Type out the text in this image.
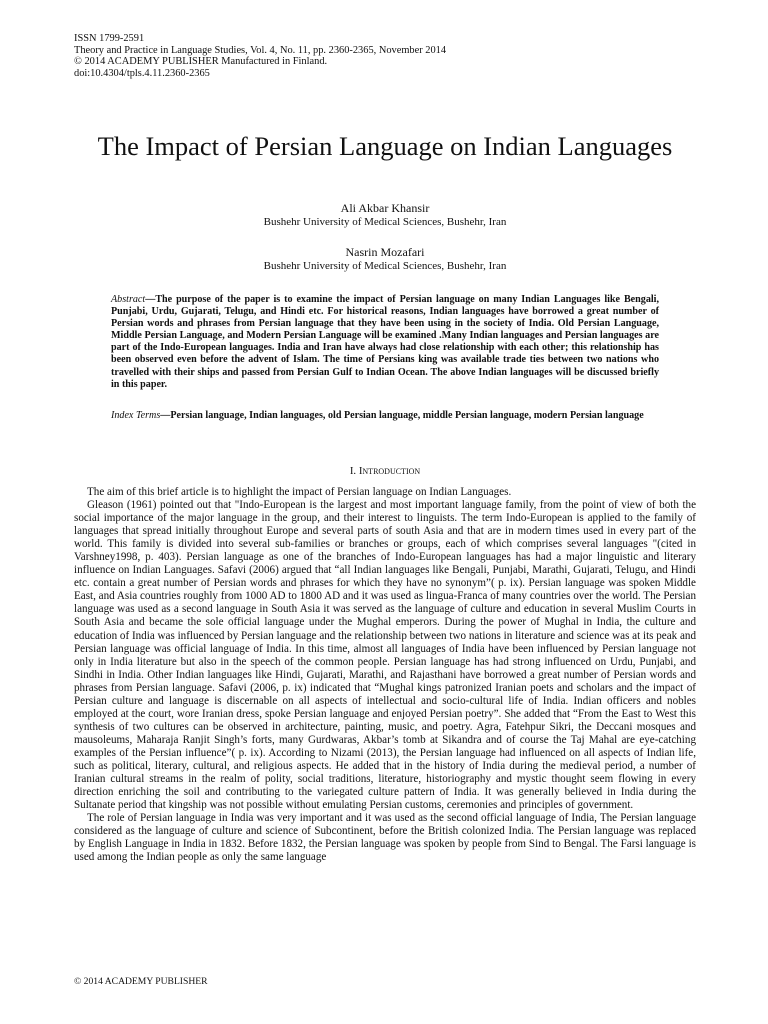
ISSN 1799-2591
Theory and Practice in Language Studies, Vol. 4, No. 11, pp. 2360-2365, November 2014
© 2014 ACADEMY PUBLISHER Manufactured in Finland.
doi:10.4304/tpls.4.11.2360-2365
The Impact of Persian Language on Indian Languages
Ali Akbar Khansir
Bushehr University of Medical Sciences, Bushehr, Iran
Nasrin Mozafari
Bushehr University of Medical Sciences, Bushehr, Iran

Abstract—The purpose of the paper is to examine the impact of Persian language on many Indian Languages like Bengali, Punjabi, Urdu, Gujarati, Telugu, and Hindi etc. For historical reasons, Indian languages have borrowed a great number of Persian words and phrases from Persian language that they have been using in the society of India. Old Persian Language, Middle Persian Language, and Modern Persian Language will be examined .Many Indian languages and Persian languages are part of the Indo-European languages. India and Iran have always had close relationship with each other; this relationship has been observed even before the advent of Islam. The time of Persians king was available trade ties between two nations who travelled with their ships and passed from Persian Gulf to Indian Ocean. The above Indian languages will be discussed briefly in this paper.

Index Terms—Persian language, Indian languages, old Persian language, middle Persian language, modern Persian language

I. Introduction

The aim of this brief article is to highlight the impact of Persian language on Indian Languages.

Gleason (1961) pointed out that "Indo-European is the largest and most important language family, from the point of view of both the social importance of the major language in the group, and their interest to linguists. The term Indo-European is applied to the family of languages that spread initially throughout Europe and several parts of south Asia and that are in modern times used in every part of the world. This family is divided into several sub-families or branches or groups, each of which comprises several languages "(cited in Varshney1998, p. 403). Persian language as one of the branches of Indo-European languages has had a major linguistic and literary influence on Indian Languages. Safavi (2006) argued that “all Indian languages like Bengali, Punjabi, Marathi, Gujarati, Telugu, and Hindi etc. contain a great number of Persian words and phrases for which they have no synonym”( p. ix). Persian language was spoken Middle East, and Asia countries roughly from 1000 AD to 1800 AD and it was used as lingua-Franca of many countries over the world. The Persian language was used as a second language in South Asia it was served as the language of culture and education in several Muslim Courts in South Asia and became the sole official language under the Mughal emperors. During the power of Mughal in India, the culture and education of India was influenced by Persian language and the relationship between two nations in literature and science was at its peak and Persian language was official language of India. In this time, almost all languages of India have been influenced by Persian language not only in India literature but also in the speech of the common people. Persian language has had strong influenced on Urdu, Punjabi, and Sindhi in India. Other Indian languages like Hindi, Gujarati, Marathi, and Rajasthani have borrowed a great number of Persian words and phrases from Persian language. Safavi (2006, p. ix) indicated that “Mughal kings patronized Iranian poets and scholars and the impact of Persian culture and language is discernable on all aspects of intellectual and socio-cultural life of India. Indian officers and nobles employed at the court, wore Iranian dress, spoke Persian language and enjoyed Persian poetry”. She added that “From the East to West this synthesis of two cultures can be observed in architecture, painting, music, and poetry. Agra, Fatehpur Sikri, the Deccani mosques and mausoleums, Maharaja Ranjit Singh’s forts, many Gurdwaras, Akbar’s tomb at Sikandra and of course the Taj Mahal are eye-catching examples of the Persian influence”( p. ix). According to Nizami (2013), the Persian language had influenced on all aspects of Indian life, such as political, literary, cultural, and religious aspects. He added that in the history of India during the medieval period, a number of Iranian cultural streams in the realm of polity, social traditions, literature, historiography and mystic thought seem flowing in every direction enriching the soil and contributing to the variegated culture pattern of India. It was generally believed in India during the Sultanate period that kingship was not possible without emulating Persian customs, ceremonies and principles of government.

The role of Persian language in India was very important and it was used as the second official language of India, The Persian language considered as the language of culture and science of Subcontinent, before the British colonized India. The Persian language was replaced by English Language in India in 1832. Before 1832, the Persian language was spoken by people from Sind to Bengal. The Farsi language is used among the Indian people as only the same language

© 2014 ACADEMY PUBLISHER
